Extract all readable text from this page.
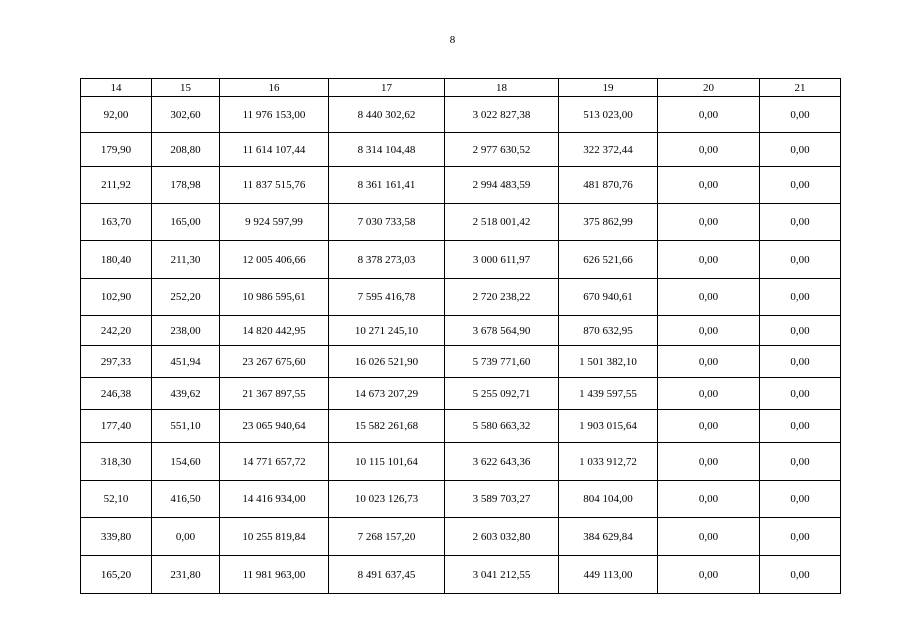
8
14	15	16	17	18	19	20	21
92,00	302,60	11 976 153,00	8 440 302,62	3 022 827,38	513 023,00	0,00	0,00
179,90	208,80	11 614 107,44	8 314 104,48	2 977 630,52	322 372,44	0,00	0,00
211,92	178,98	11 837 515,76	8 361 161,41	2 994 483,59	481 870,76	0,00	0,00
163,70	165,00	9 924 597,99	7 030 733,58	2 518 001,42	375 862,99	0,00	0,00
180,40	211,30	12 005 406,66	8 378 273,03	3 000 611,97	626 521,66	0,00	0,00
102,90	252,20	10 986 595,61	7 595 416,78	2 720 238,22	670 940,61	0,00	0,00
242,20	238,00	14 820 442,95	10 271 245,10	3 678 564,90	870 632,95	0,00	0,00
297,33	451,94	23 267 675,60	16 026 521,90	5 739 771,60	1 501 382,10	0,00	0,00
246,38	439,62	21 367 897,55	14 673 207,29	5 255 092,71	1 439 597,55	0,00	0,00
177,40	551,10	23 065 940,64	15 582 261,68	5 580 663,32	1 903 015,64	0,00	0,00
318,30	154,60	14 771 657,72	10 115 101,64	3 622 643,36	1 033 912,72	0,00	0,00
52,10	416,50	14 416 934,00	10 023 126,73	3 589 703,27	804 104,00	0,00	0,00
339,80	0,00	10 255 819,84	7 268 157,20	2 603 032,80	384 629,84	0,00	0,00
165,20	231,80	11 981 963,00	8 491 637,45	3 041 212,55	449 113,00	0,00	0,00
